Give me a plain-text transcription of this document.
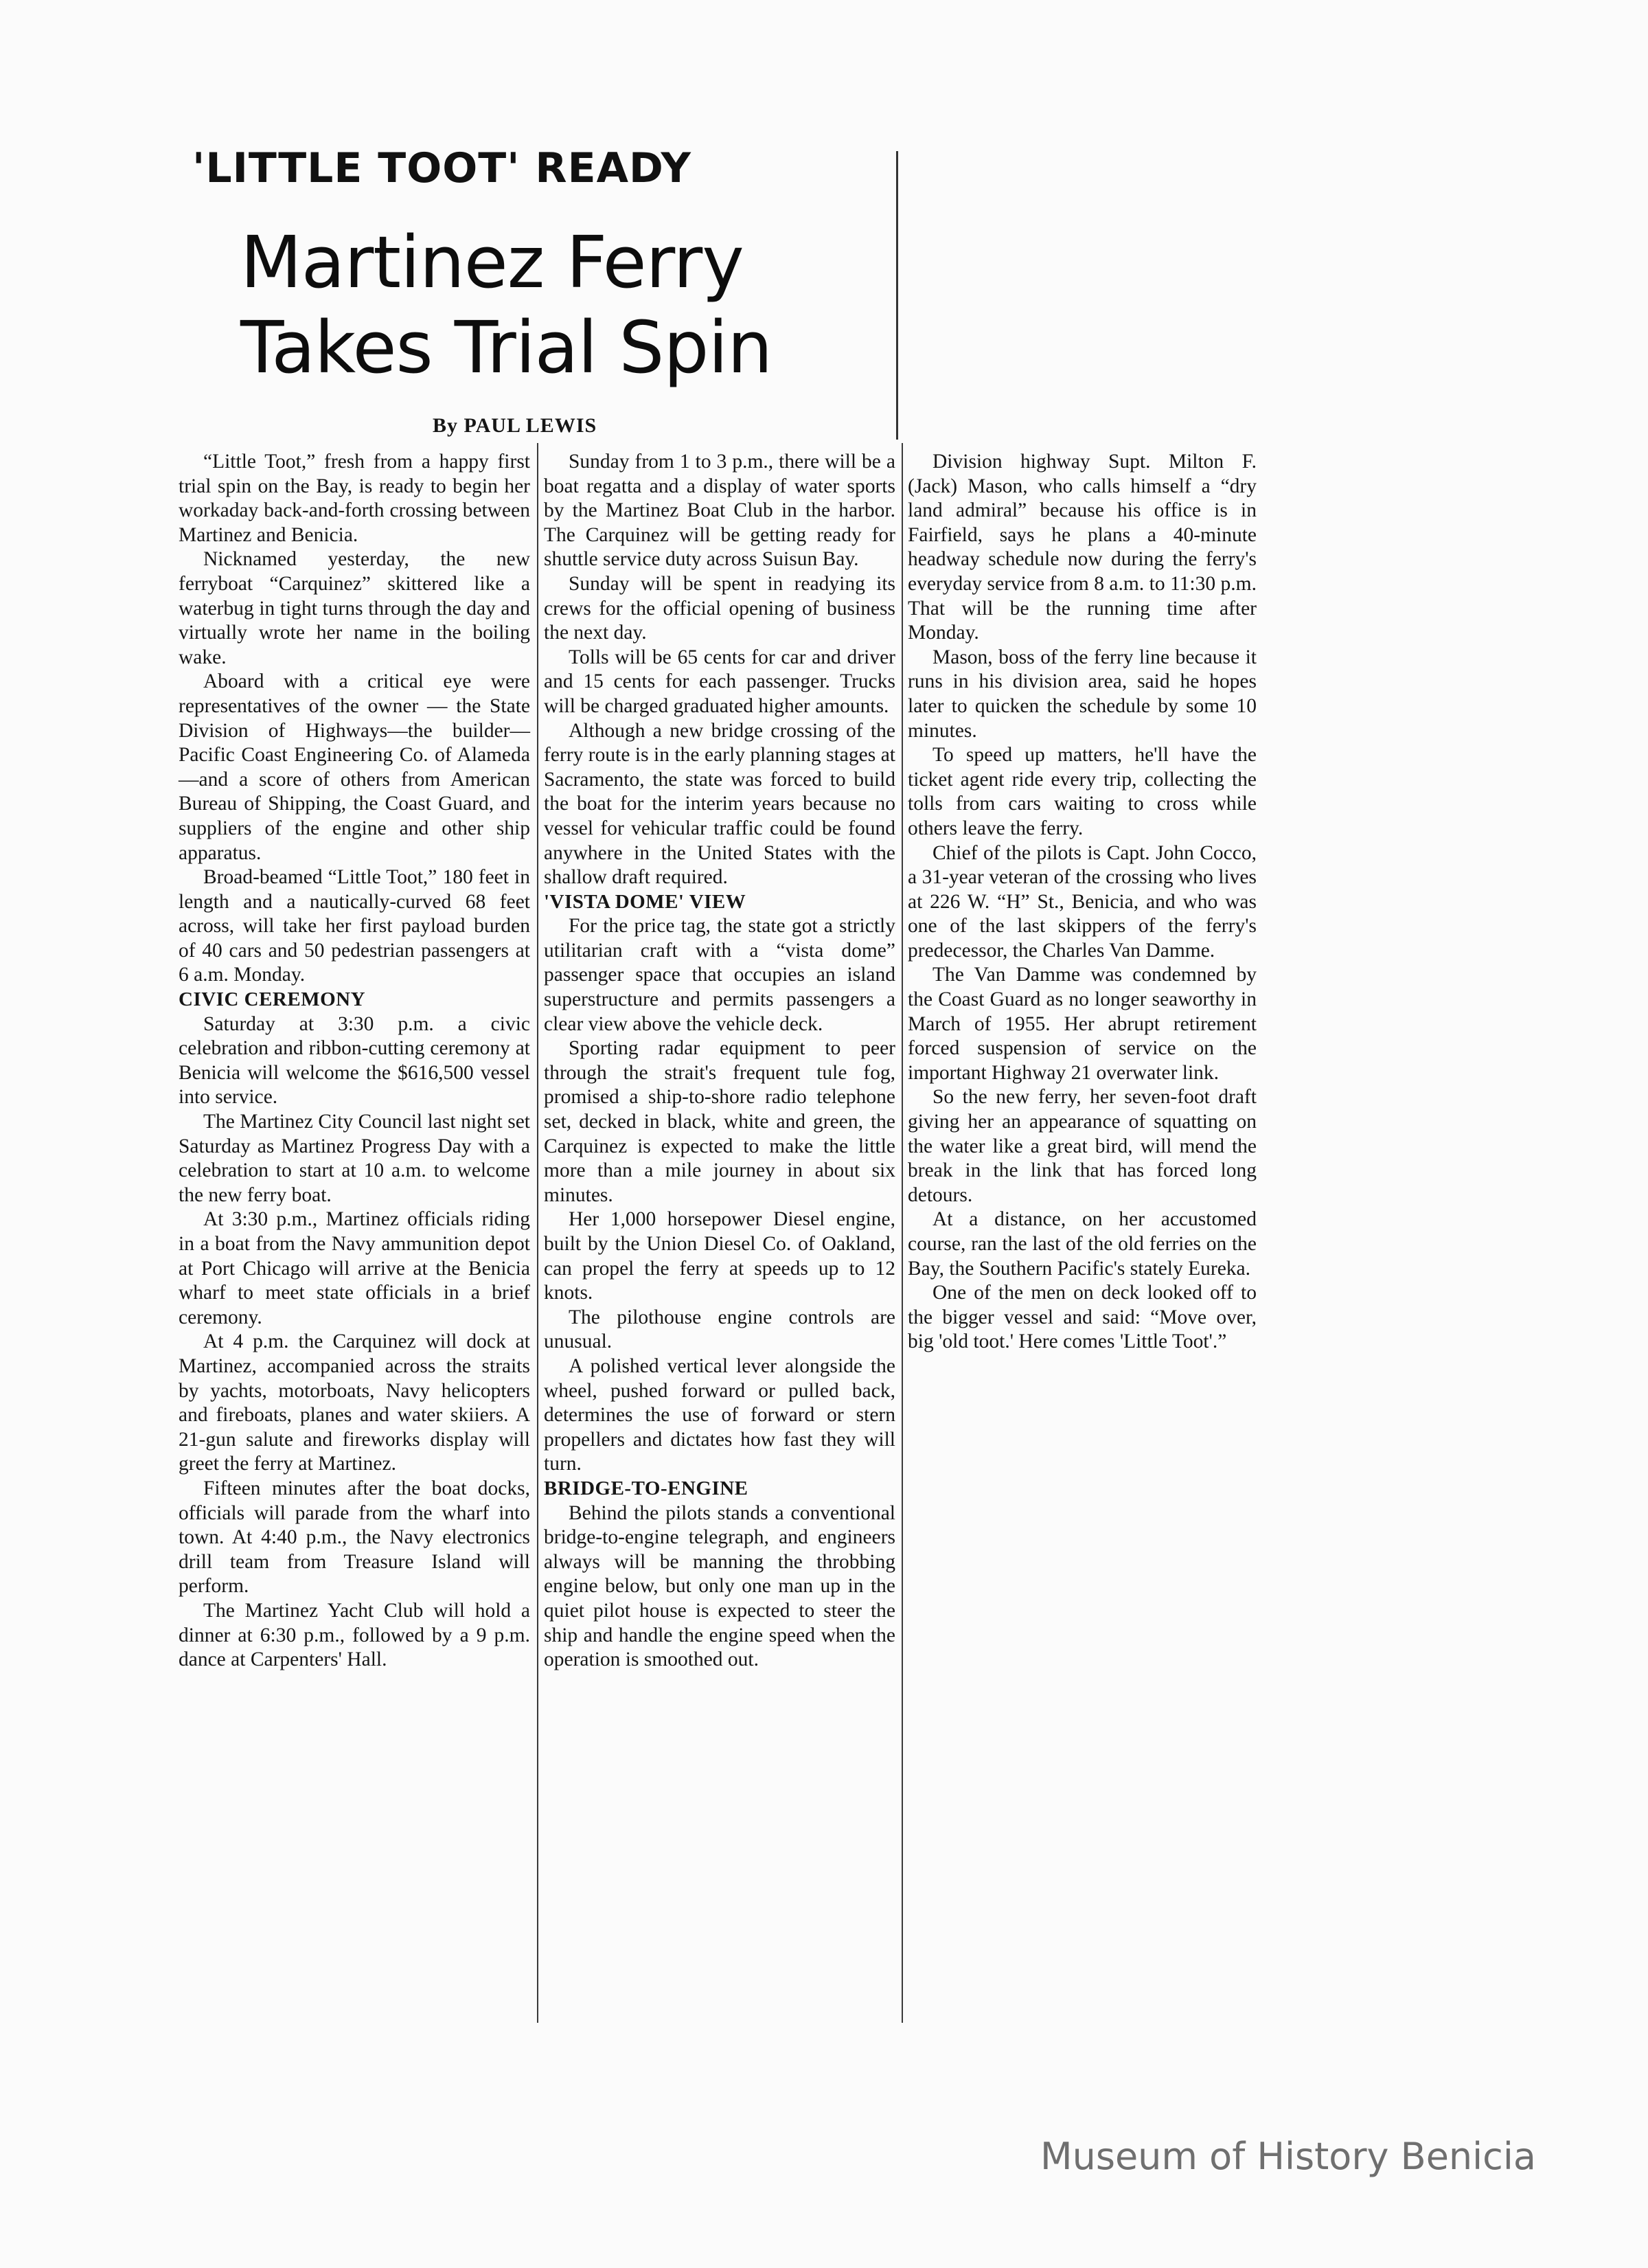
'LITTLE TOOT' READY
Martinez Ferry
Takes Trial Spin
By PAUL LEWIS

“Little Toot,” fresh from a happy first trial spin on the Bay, is ready to begin her workaday back-and-forth crossing between Martinez and Benicia.

Nicknamed yesterday, the new ferryboat “Carquinez” skittered like a waterbug in tight turns through the day and virtually wrote her name in the boiling wake.

Aboard with a critical eye were representatives of the owner — the State Division of Highways—the builder—Pacific Coast Engineering Co. of Alameda—and a score of others from American Bureau of Shipping, the Coast Guard, and suppliers of the engine and other ship apparatus.

Broad-beamed “Little Toot,” 180 feet in length and a nautically-curved 68 feet across, will take her first payload burden of 40 cars and 50 pedestrian passengers at 6 a.m. Monday.

CIVIC CEREMONY

Saturday at 3:30 p.m. a civic celebration and ribbon-cutting ceremony at Benicia will welcome the $616,500 vessel into service.

The Martinez City Council last night set Saturday as Martinez Progress Day with a celebration to start at 10 a.m. to welcome the new ferry boat.

At 3:30 p.m., Martinez officials riding in a boat from the Navy ammunition depot at Port Chicago will arrive at the Benicia wharf to meet state officials in a brief ceremony.

At 4 p.m. the Carquinez will dock at Martinez, accompanied across the straits by yachts, motorboats, Navy helicopters and fireboats, planes and water skiiers. A 21-gun salute and fireworks display will greet the ferry at Martinez.

Fifteen minutes after the boat docks, officials will parade from the wharf into town. At 4:40 p.m., the Navy electronics drill team from Treasure Island will perform.

The Martinez Yacht Club will hold a dinner at 6:30 p.m., followed by a 9 p.m. dance at Carpenters' Hall.

Sunday from 1 to 3 p.m., there will be a boat regatta and a display of water sports by the Martinez Boat Club in the harbor. The Carquinez will be getting ready for shuttle service duty across Suisun Bay.

Sunday will be spent in readying its crews for the official opening of business the next day.

Tolls will be 65 cents for car and driver and 15 cents for each passenger. Trucks will be charged graduated higher amounts.

Although a new bridge crossing of the ferry route is in the early planning stages at Sacramento, the state was forced to build the boat for the interim years because no vessel for vehicular traffic could be found anywhere in the United States with the shallow draft required.

'VISTA DOME' VIEW

For the price tag, the state got a strictly utilitarian craft with a “vista dome” passenger space that occupies an island superstructure and permits passengers a clear view above the vehicle deck.

Sporting radar equipment to peer through the strait's frequent tule fog, promised a ship-to-shore radio telephone set, decked in black, white and green, the Carquinez is expected to make the little more than a mile journey in about six minutes.

Her 1,000 horsepower Diesel engine, built by the Union Diesel Co. of Oakland, can propel the ferry at speeds up to 12 knots.

The pilothouse engine controls are unusual.

A polished vertical lever alongside the wheel, pushed forward or pulled back, determines the use of forward or stern propellers and dictates how fast they will turn.

BRIDGE-TO-ENGINE

Behind the pilots stands a conventional bridge-to-engine telegraph, and engineers always will be manning the throbbing engine below, but only one man up in the quiet pilot house is expected to steer the ship and handle the engine speed when the operation is smoothed out.

Division highway Supt. Milton F. (Jack) Mason, who calls himself a “dry land admiral” because his office is in Fairfield, says he plans a 40-minute headway schedule now during the ferry's everyday service from 8 a.m. to 11:30 p.m. That will be the running time after Monday.

Mason, boss of the ferry line because it runs in his division area, said he hopes later to quicken the schedule by some 10 minutes.

To speed up matters, he'll have the ticket agent ride every trip, collecting the tolls from cars waiting to cross while others leave the ferry.

Chief of the pilots is Capt. John Cocco, a 31-year veteran of the crossing who lives at 226 W. “H” St., Benicia, and who was one of the last skippers of the ferry's predecessor, the Charles Van Damme.

The Van Damme was condemned by the Coast Guard as no longer seaworthy in March of 1955. Her abrupt retirement forced suspension of service on the important Highway 21 overwater link.

So the new ferry, her seven-foot draft giving her an appearance of squatting on the water like a great bird, will mend the break in the link that has forced long detours.

At a distance, on her accustomed course, ran the last of the old ferries on the Bay, the Southern Pacific's stately Eureka.

One of the men on deck looked off to the bigger vessel and said: “Move over, big 'old toot.' Here comes 'Little Toot'.”

Museum of History Benicia
